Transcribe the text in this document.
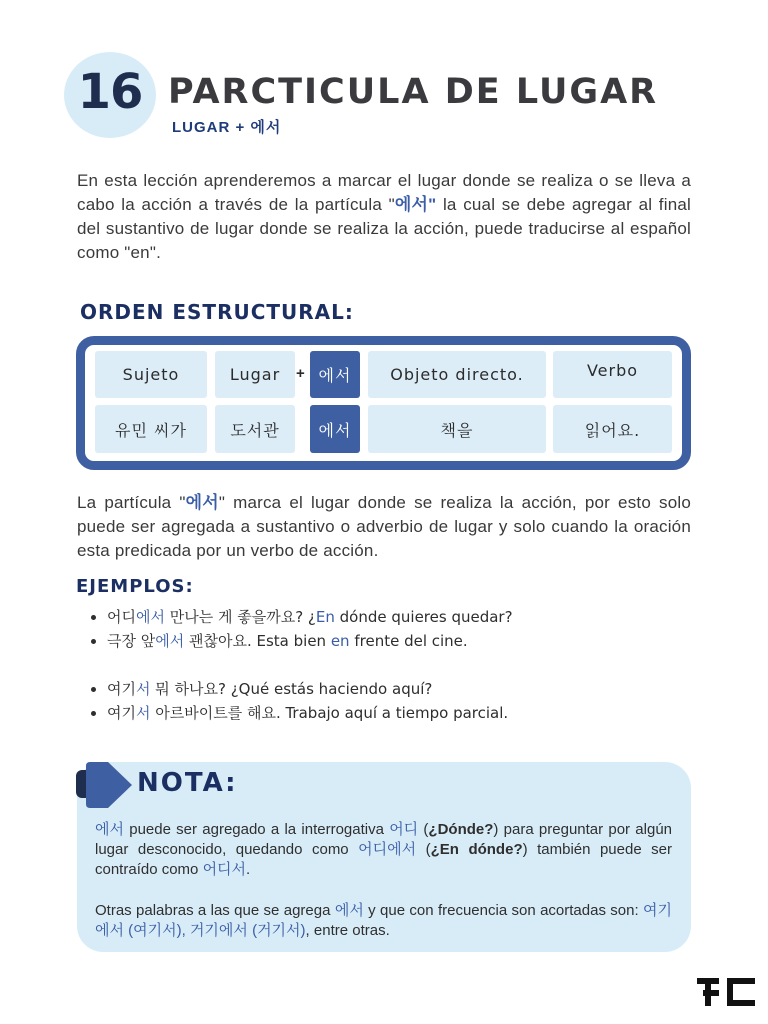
16 PARCTICULA DE LUGAR
LUGAR + 에서
En esta lección aprenderemos a marcar el lugar donde se realiza o se lleva a cabo la acción a través de la partícula "에서" la cual se debe agregar al final del sustantivo de lugar donde se realiza la acción, puede traducirse al español como "en".
ORDEN ESTRUCTURAL:
Sujeto	Lugar	+ 에서	Objeto directo.	Verbo
유민 씨가	도서관	에서	책을	읽어요.
La partícula "에서" marca el lugar donde se realiza la acción, por esto solo puede ser agregada a sustantivo o adverbio de lugar y solo cuando la oración esta predicada por un verbo de acción.
EJEMPLOS:
어디에서 만나는 게 좋을까요? ¿En dónde quieres quedar?
극장 앞에서 괜찮아요. Esta bien en frente del cine.
여기서 뭐 하나요? ¿Qué estás haciendo aquí?
여기서 아르바이트를 해요. Trabajo aquí a tiempo parcial.
NOTA:
에서 puede ser agregado a la interrogativa 어디 (¿Dónde?) para preguntar por algún lugar desconocido, quedando como 어디에서 (¿En dónde?) también puede ser contraído como 어디서.
Otras palabras a las que se agrega 에서 y que con frecuencia son acortadas son: 여기에서 (여기서), 거기에서 (거기서), entre otras.
